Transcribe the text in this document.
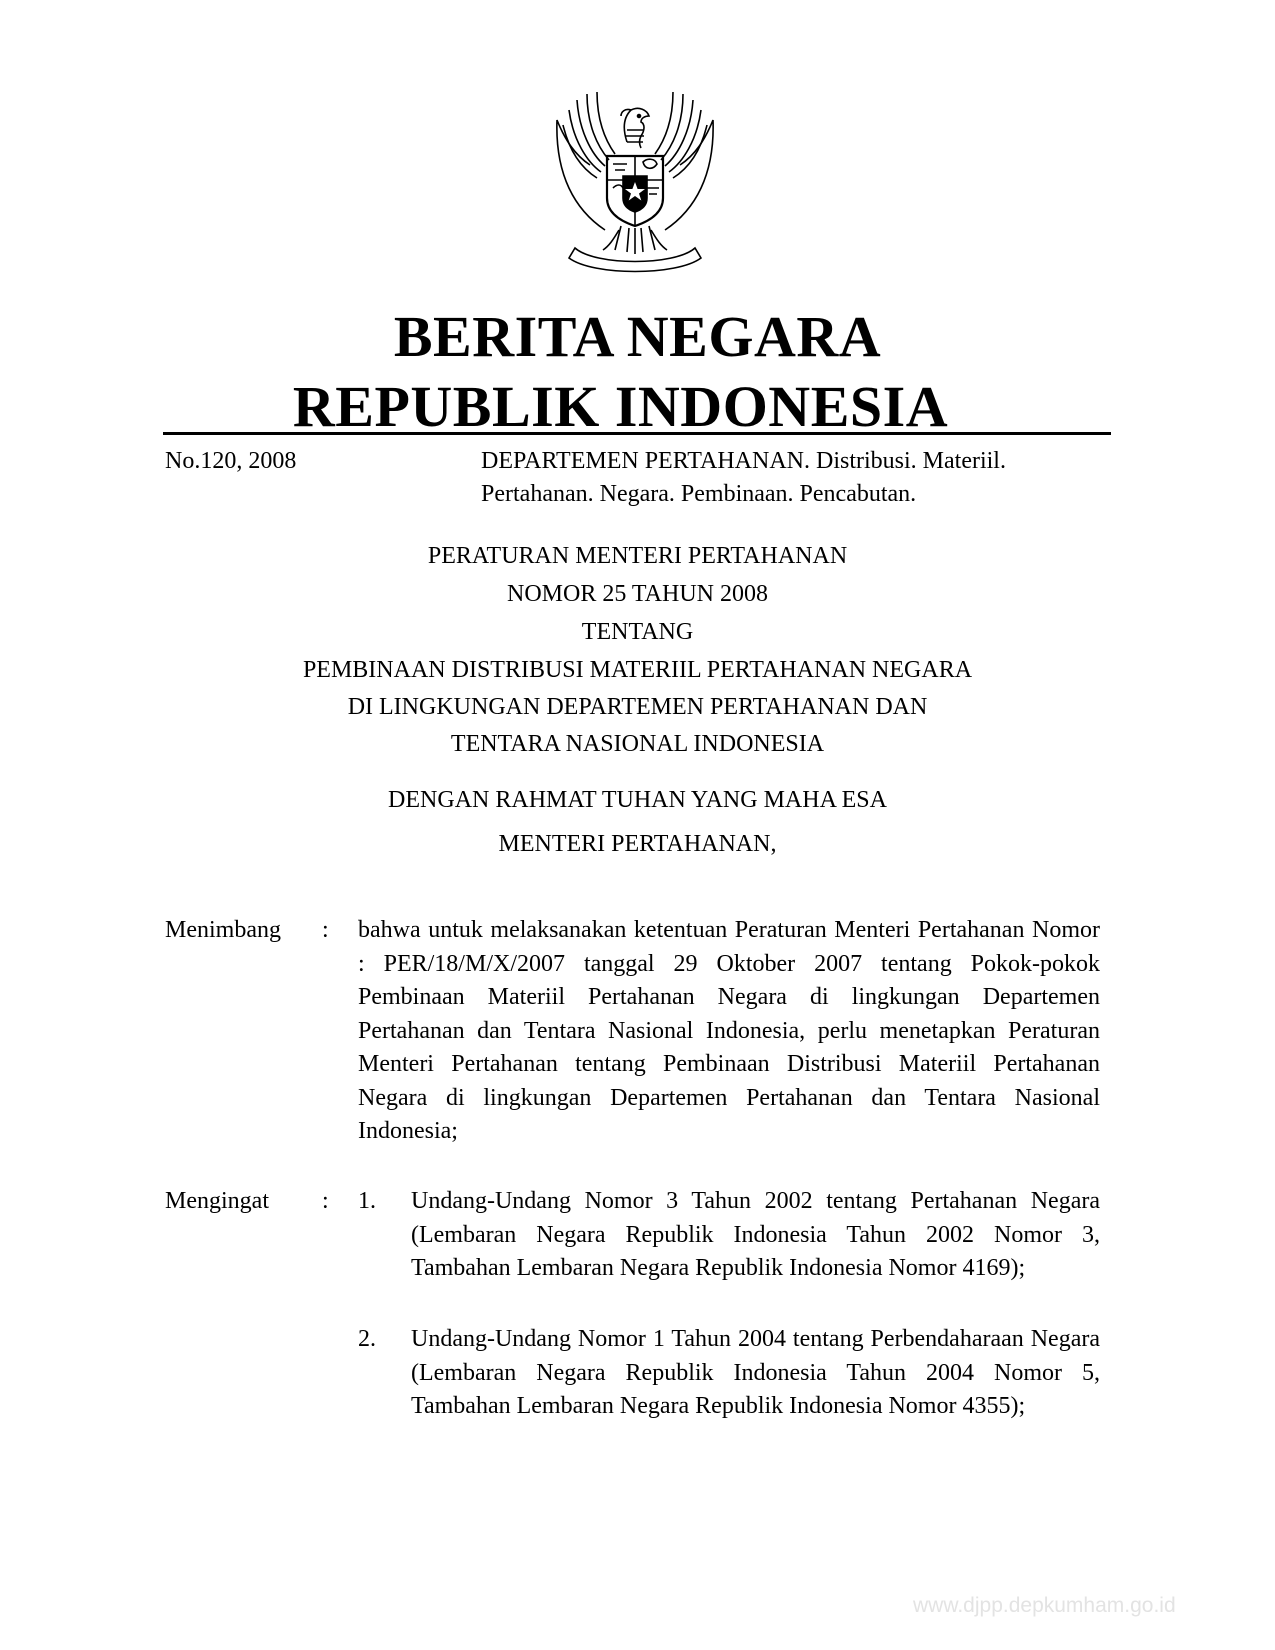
BERITA NEGARA
REPUBLIK INDONESIA
No.120, 2008	DEPARTEMEN PERTAHANAN. Distribusi. Materiil.
Pertahanan. Negara. Pembinaan. Pencabutan.
PERATURAN MENTERI PERTAHANAN
NOMOR 25 TAHUN 2008
TENTANG
PEMBINAAN DISTRIBUSI MATERIIL PERTAHANAN NEGARA
DI LINGKUNGAN DEPARTEMEN PERTAHANAN DAN
TENTARA NASIONAL INDONESIA
DENGAN RAHMAT TUHAN YANG MAHA ESA
MENTERI PERTAHANAN,
Menimbang : bahwa untuk melaksanakan ketentuan Peraturan Menteri Pertahanan Nomor : PER/18/M/X/2007 tanggal 29 Oktober 2007 tentang Pokok-pokok Pembinaan Materiil Pertahanan Negara di lingkungan Departemen Pertahanan dan Tentara Nasional Indonesia, perlu menetapkan Peraturan Menteri Pertahanan tentang Pembinaan Distribusi Materiil Pertahanan Negara di lingkungan Departemen Pertahanan dan Tentara Nasional Indonesia;
Mengingat : 1. Undang-Undang Nomor 3 Tahun 2002 tentang Pertahanan Negara (Lembaran Negara Republik Indonesia Tahun 2002 Nomor 3, Tambahan Lembaran Negara Republik Indonesia Nomor 4169);
2. Undang-Undang Nomor 1 Tahun 2004 tentang Perbendaharaan Negara (Lembaran Negara Republik Indonesia Tahun 2004 Nomor 5, Tambahan Lembaran Negara Republik Indonesia Nomor 4355);
www.djpp.depkumham.go.id
